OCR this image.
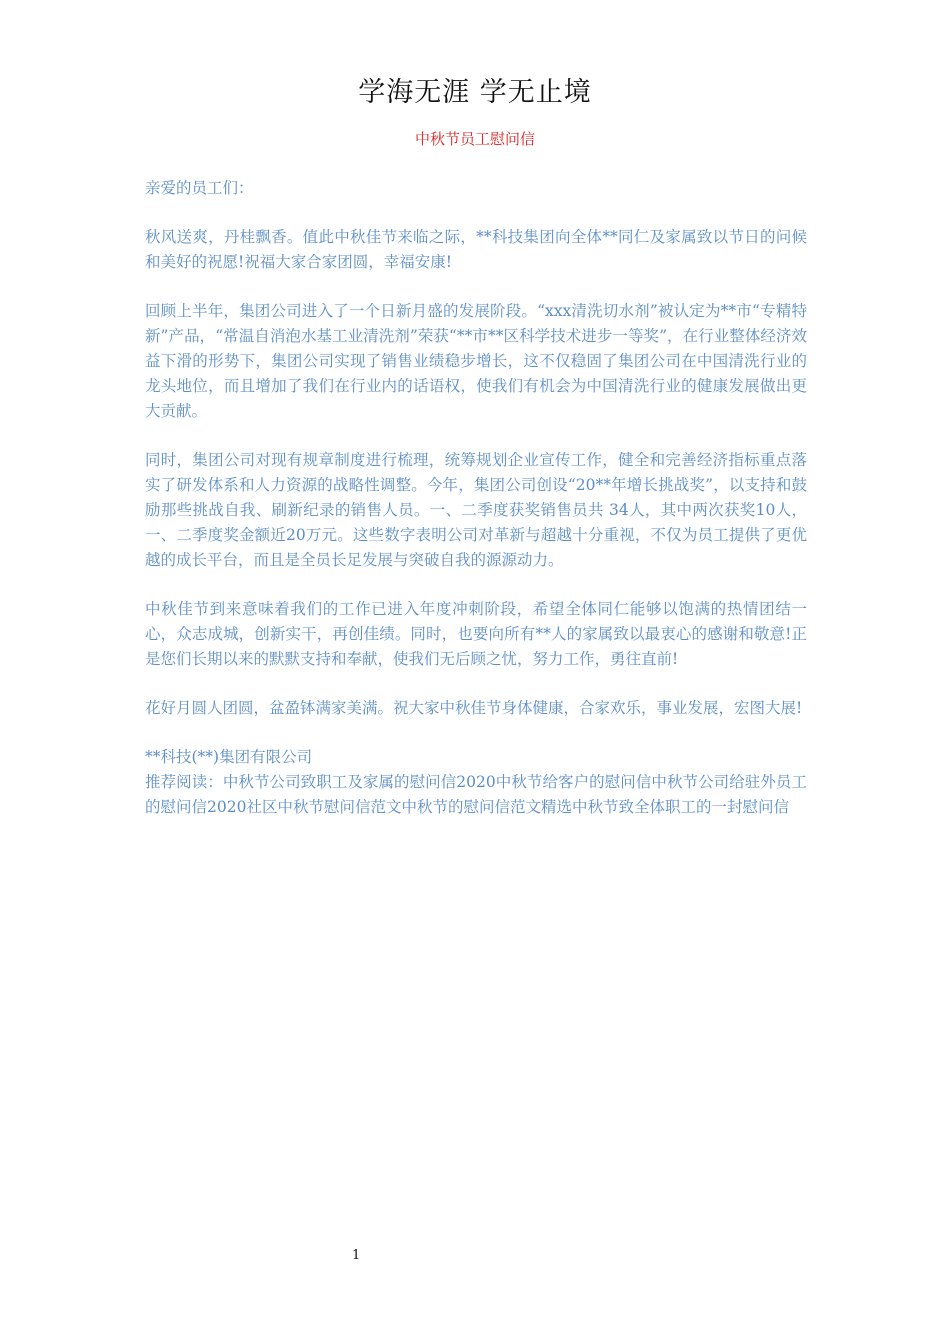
学海无涯 学无止境
中秋节员工慰问信

亲爱的员工们：

秋风送爽，丹桂飘香。值此中秋佳节来临之际，**科技集团向全体**同仁及家属致以节日的问候和美好的祝愿!祝福大家合家团圆，幸福安康!

回顾上半年，集团公司进入了一个日新月盛的发展阶段。“xxx清洗切水剂”被认定为**市“专精特新”产品，“常温自消泡水基工业清洗剂”荣获“**市**区科学技术进步一等奖”，在行业整体经济效益下滑的形势下，集团公司实现了销售业绩稳步增长，这不仅稳固了集团公司在中国清洗行业的龙头地位，而且增加了我们在行业内的话语权，使我们有机会为中国清洗行业的健康发展做出更大贡献。

同时，集团公司对现有规章制度进行梳理，统筹规划企业宣传工作，健全和完善经济指标重点落实了研发体系和人力资源的战略性调整。今年，集团公司创设“20**年增长挑战奖”，以支持和鼓励那些挑战自我、刷新纪录的销售人员。一、二季度获奖销售员共 34人，其中两次获奖10人，一、二季度奖金额近20万元。这些数字表明公司对革新与超越十分重视，不仅为员工提供了更优越的成长平台，而且是全员长足发展与突破自我的源源动力。

中秋佳节到来意味着我们的工作已进入年度冲刺阶段，希望全体同仁能够以饱满的热情团结一心，众志成城，创新实干，再创佳绩。同时，也要向所有**人的家属致以最衷心的感谢和敬意!正是您们长期以来的默默支持和奉献，使我们无后顾之忧，努力工作，勇往直前!

花好月圆人团圆，盆盈钵满家美满。祝大家中秋佳节身体健康，合家欢乐，事业发展，宏图大展!

**科技(**)集团有限公司

推荐阅读：中秋节公司致职工及家属的慰问信2020中秋节给客户的慰问信中秋节公司给驻外员工的慰问信2020社区中秋节慰问信范文中秋节的慰问信范文精选中秋节致全体职工的一封慰问信

1
